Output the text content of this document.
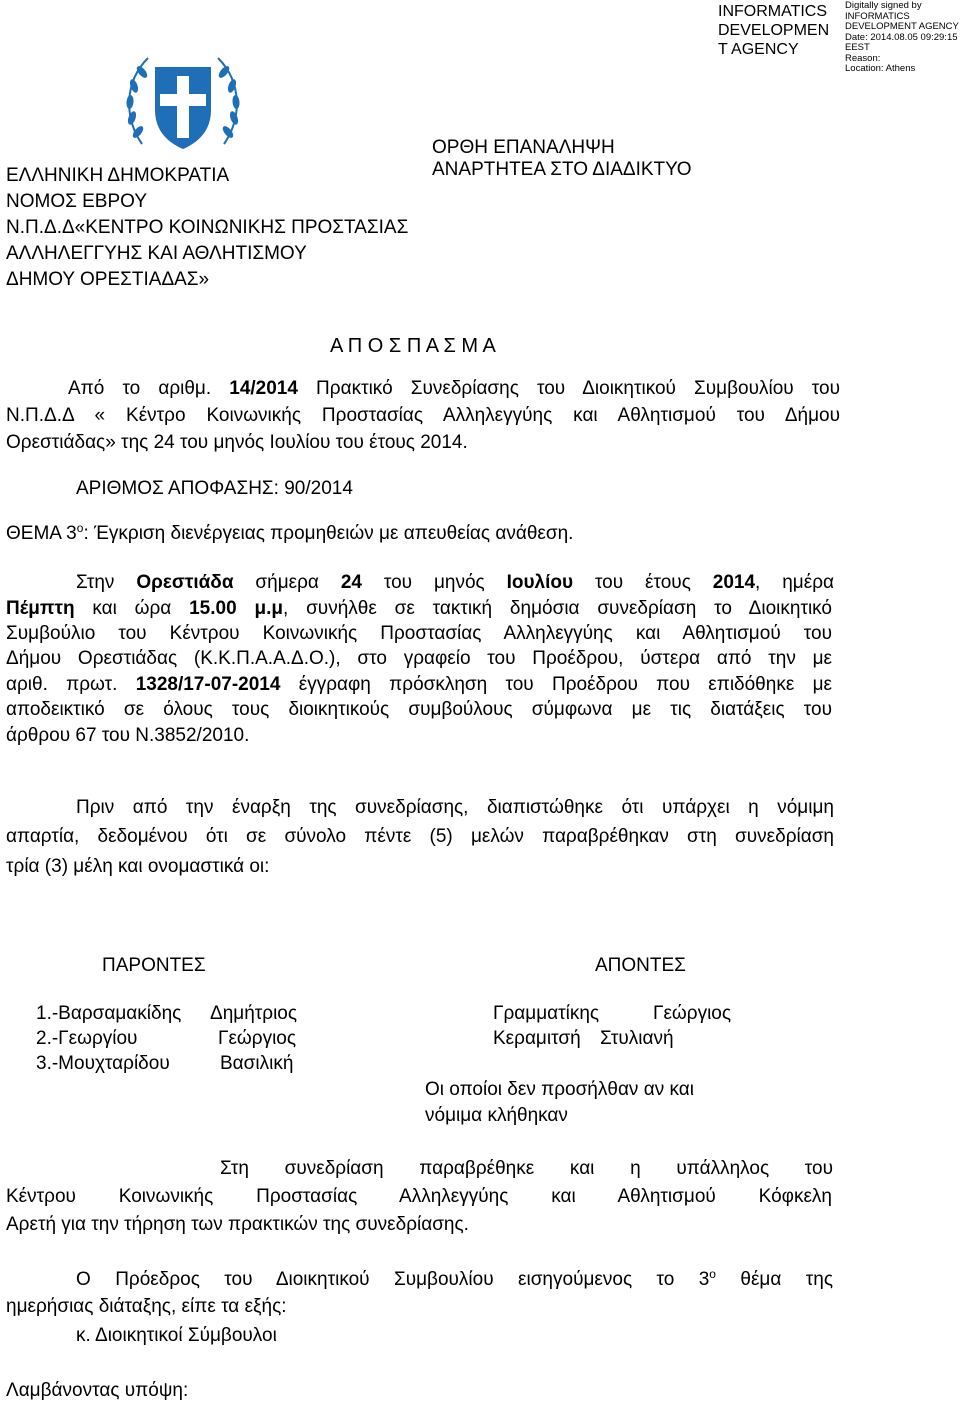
INFORMATICS
DEVELOPMEN
T AGENCY
Digitally signed by
INFORMATICS
DEVELOPMENT AGENCY
Date: 2014.08.05 09:29:15
EEST
Reason:
Location: Athens
ΟΡΘΗ ΕΠΑΝΑΛΗΨΗ
ΑΝΑΡΤΗΤΕΑ ΣΤΟ ΔΙΑΔΙΚΤΥΟ
ΕΛΛΗΝΙΚΗ ΔΗΜΟΚΡΑΤΙΑ
ΝΟΜΟΣ ΕΒΡΟΥ
Ν.Π.Δ.Δ«ΚΕΝΤΡΟ ΚΟΙΝΩΝΙΚΗΣ ΠΡΟΣΤΑΣΙΑΣ
ΑΛΛΗΛΕΓΓΥΗΣ ΚΑΙ ΑΘΛΗΤΙΣΜΟΥ
ΔΗΜΟΥ ΟΡΕΣΤΙΑΔΑΣ»
Α Π Ο Σ Π Α Σ Μ Α
Από το αριθμ. 14/2014 Πρακτικό Συνεδρίασης του Διοικητικού Συμβουλίου του
Ν.Π.Δ.Δ « Κέντρο Κοινωνικής Προστασίας Αλληλεγγύης και Αθλητισμού του Δήμου
Ορεστιάδας» της 24 του μηνός Ιουλίου του έτους 2014.
ΑΡΙΘΜΟΣ ΑΠΟΦΑΣΗΣ: 90/2014
ΘΕΜΑ $3^o$: Έγκριση διενέργειας προμηθειών με απευθείας ανάθεση.
Στην Ορεστιάδα σήμερα 24 του μηνός Ιουλίου του έτους 2014, ημέρα
Πέμπτη και ώρα 15.00 μ.μ, συνήλθε σε τακτική δημόσια συνεδρίαση το Διοικητικό
Συμβούλιο του Κέντρου Κοινωνικής Προστασίας Αλληλεγγύης και Αθλητισμού του
Δήμου Ορεστιάδας (Κ.Κ.Π.Α.Α.Δ.Ο.), στο γραφείο του Προέδρου, ύστερα από την με
αριθ. πρωτ. 1328/17-07-2014 έγγραφη πρόσκληση του Προέδρου που επιδόθηκε με
αποδεικτικό σε όλους τους διοικητικούς συμβούλους σύμφωνα με τις διατάξεις του
άρθρου 67 του Ν.3852/2010.
Πριν από την έναρξη της συνεδρίασης, διαπιστώθηκε ότι υπάρχει η νόμιμη
απαρτία, δεδομένου ότι σε σύνολο πέντε (5) μελών παραβρέθηκαν στη συνεδρίαση
τρία (3) μέλη και ονομαστικά οι:
ΠΑΡΟΝΤΕΣ	ΑΠΟΝΤΕΣ
1.-Βαρσαμακίδης Δημήτριος
2.-Γεωργίου	Γεώργιος
3.-Μουχταρίδου	Βασιλική
Γραμματίκης	Γεώργιος
Κεραμιτσή Στυλιανή
Οι οποίοι δεν προσήλθαν αν και
νόμιμα κλήθηκαν
Στη συνεδρίαση παραβρέθηκε και η υπάλληλος του
Κέντρου Κοινωνικής Προστασίας Αλληλεγγύης και Αθλητισμού Κόφκελη
Αρετή για την τήρηση των πρακτικών της συνεδρίασης.
Ο Πρόεδρος του Διοικητικού Συμβουλίου εισηγούμενος το $3^o$ θέμα της
ημερήσιας διάταξης, είπε τα εξής:
κ. Διοικητικοί Σύμβουλοι
Λαμβάνοντας υπόψη:
